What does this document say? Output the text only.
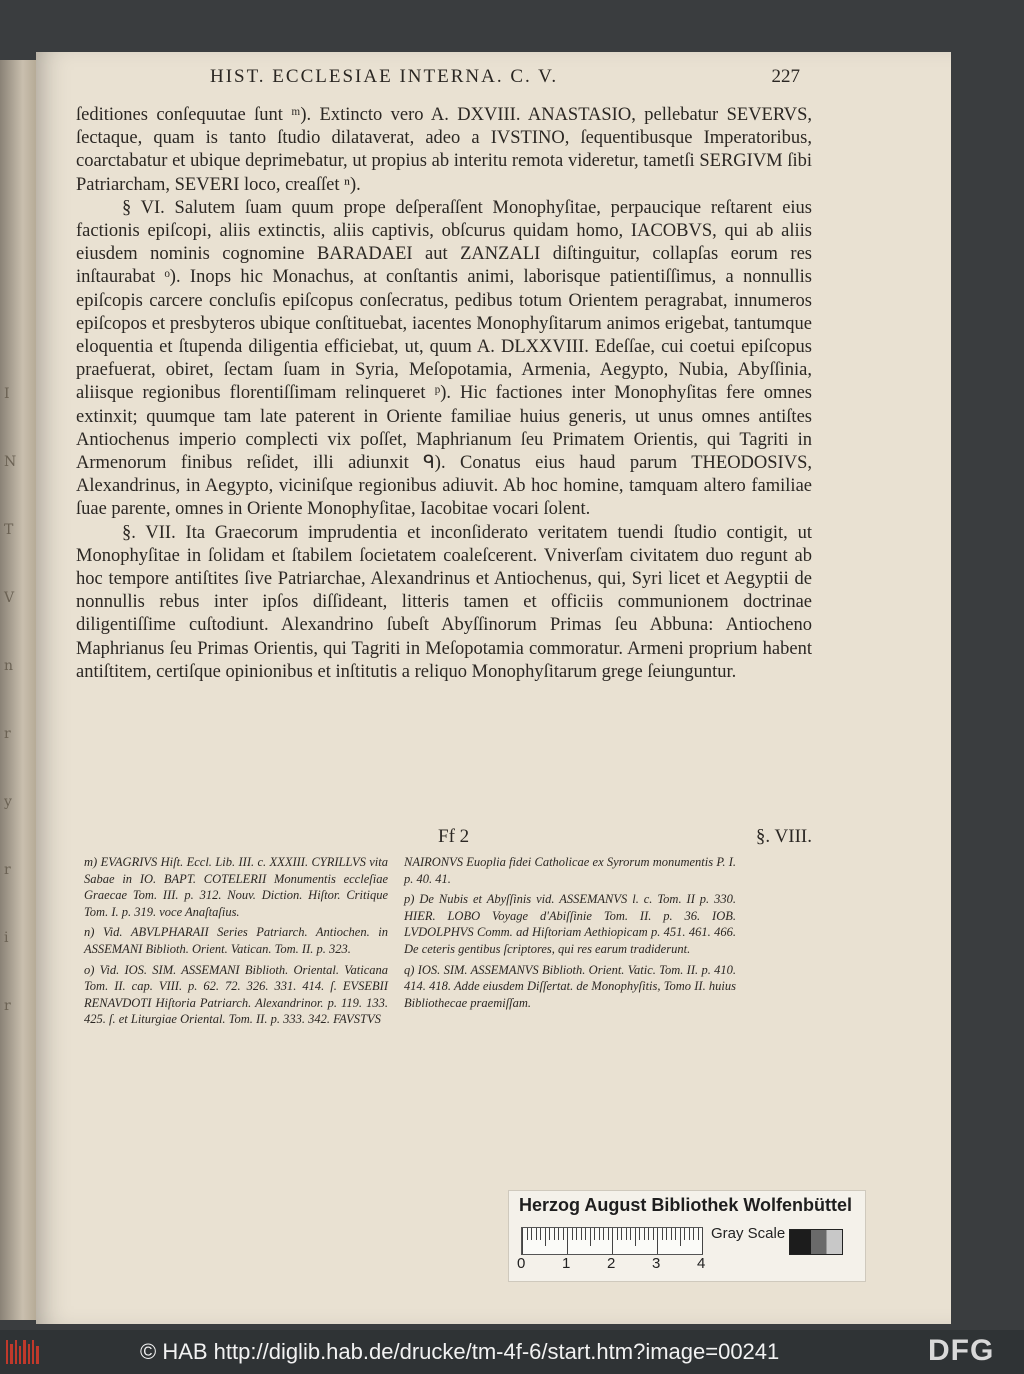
I
N
T
V
n
r
y
r
i
r
HIST. ECCLESIAE INTERNA. C. V.	227

ſeditiones conſequutae ſunt ᵐ). Extincto vero A. DXVIII. ANASTASIO, pellebatur SEVERVS, ſectaque, quam is tanto ſtudio dilataverat, adeo a IVSTINO, ſequentibusque Imperatoribus, coarctabatur et ubique deprimebatur, ut propius ab interitu remota videretur, tametſi SERGIVM ſibi Patriarcham, SEVERI loco, creaſſet ⁿ).

§ VI. Salutem ſuam quum prope deſperaſſent Monophyſitae, perpaucique reſtarent eius factionis epiſcopi, aliis extinctis, aliis captivis, obſcurus quidam homo, IACOBVS, qui ab aliis eiusdem nominis cognomine BARADAEI aut ZANZALI diſtinguitur, collapſas eorum res inſtaurabat ᵒ). Inops hic Monachus, at conſtantis animi, laborisque patientiſſimus, a nonnullis epiſcopis carcere concluſis epiſcopus conſecratus, pedibus totum Orientem peragrabat, innumeros epiſcopos et presbyteros ubique conſtituebat, iacentes Monophyſitarum animos erigebat, tantumque eloquentia et ſtupenda diligentia efficiebat, ut, quum A. DLXXVIII. Edeſſae, cui coetui epiſcopus praefuerat, obiret, ſectam ſuam in Syria, Meſopotamia, Armenia, Aegypto, Nubia, Abyſſinia, aliisque regionibus florentiſſimam relinqueret ᵖ). Hic factiones inter Monophyſitas fere omnes extinxit; quumque tam late paterent in Oriente familiae huius generis, ut unus omnes antiſtes Antiochenus imperio complecti vix poſſet, Maphrianum ſeu Primatem Orientis, qui Tagriti in Armenorum finibus reſidet, illi adiunxit ᑫ). Conatus eius haud parum THEODOSIVS, Alexandrinus, in Aegypto, viciniſque regionibus adiuvit. Ab hoc homine, tamquam altero familiae ſuae parente, omnes in Oriente Monophyſitae, Iacobitae vocari ſolent.

§. VII. Ita Graecorum imprudentia et inconſiderato veritatem tuendi ſtudio contigit, ut Monophyſitae in ſolidam et ſtabilem ſocietatem coaleſcerent. Vniverſam civitatem duo regunt ab hoc tempore antiſtites ſive Patriarchae, Alexandrinus et Antiochenus, qui, Syri licet et Aegyptii de nonnullis rebus inter ipſos diſſideant, litteris tamen et officiis communionem doctrinae diligentiſſime cuſtodiunt. Alexandrino ſubeſt Abyſſinorum Primas ſeu Abbuna: Antiocheno Maphrianus ſeu Primas Orientis, qui Tagriti in Meſopotamia commoratur. Armeni proprium habent antiſtitem, certiſque opinionibus et inſtitutis a reliquo Monophyſitarum grege ſeiunguntur.

Ff 2	§. VIII.

m) EVAGRIVS Hiſt. Eccl. Lib. III. c. XXXIII. CYRILLVS vita Sabae in IO. BAPT. COTELERII Monumentis eccleſiae Graecae Tom. III. p. 312. Nouv. Diction. Hiſtor. Critique Tom. I. p. 319. voce Anaſtaſius.

n) Vid. ABVLPHARAII Series Patriarch. Antiochen. in ASSEMANI Biblioth. Orient. Vatican. Tom. II. p. 323.

o) Vid. IOS. SIM. ASSEMANI Biblioth. Oriental. Vaticana Tom. II. cap. VIII. p. 62. 72. 326. 331. 414. ſ. EVSEBII RENAVDOTI Hiſtoria Patriarch. Alexandrinor. p. 119. 133. 425. ſ. et Liturgiae Oriental. Tom. II. p. 333. 342. FAVSTVS

NAIRONVS Euoplia fidei Catholicae ex Syrorum monumentis P. I. p. 40. 41.

p) De Nubis et Abyſſinis vid. ASSEMANVS l. c. Tom. II p. 330. HIER. LOBO Voyage d'Abiſſinie Tom. II. p. 36. IOB. LVDOLPHVS Comm. ad Hiſtoriam Aethiopicam p. 451. 461. 466. De ceteris gentibus ſcriptores, qui res earum tradiderunt.

q) IOS. SIM. ASSEMANVS Biblioth. Orient. Vatic. Tom. II. p. 410. 414. 418. Adde eiusdem Diſſertat. de Monophyſitis, Tomo II. huius Bibliothecae praemiſſam.

Herzog August Bibliothek Wolfenbüttel
0 1 2 3 4
Gray Scale
© HAB http://diglib.hab.de/drucke/tm-4f-6/start.htm?image=00241	DFG
